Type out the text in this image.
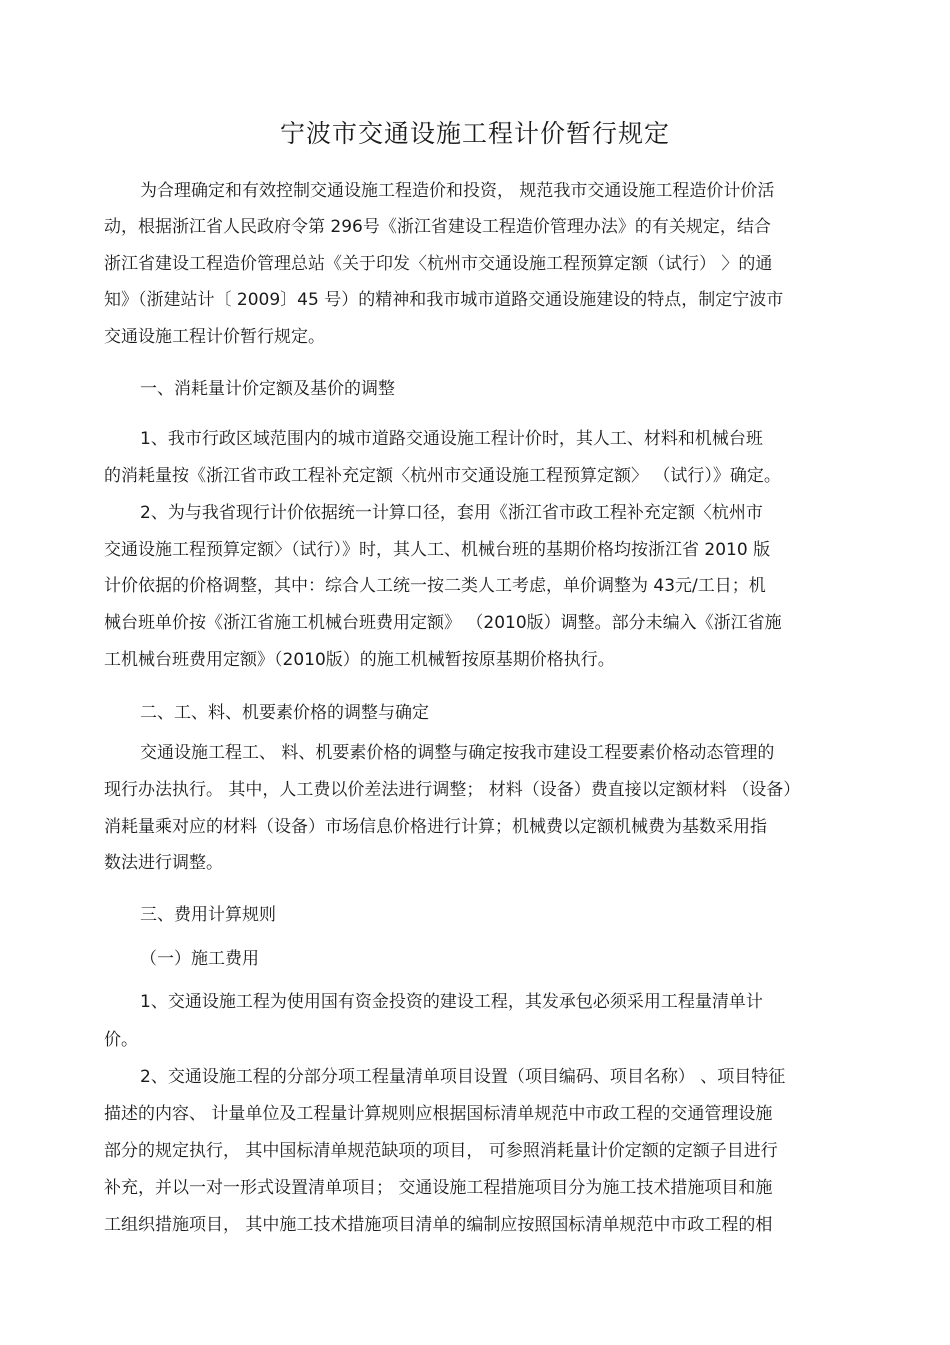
宁波市交通设施工程计价暂行规定
为合理确定和有效控制交通设施工程造价和投资， 规范我市交通设施工程造价计价活
动，根据浙江省人民政府令第 296号《浙江省建设工程造价管理办法》的有关规定，结合
浙江省建设工程造价管理总站《关于印发〈杭州市交通设施工程预算定额（试行） 〉的通
知》（浙建站计〔 2009〕45 号）的精神和我市城市道路交通设施建设的特点，制定宁波市
交通设施工程计价暂行规定。
一、消耗量计价定额及基价的调整
1、我市行政区域范围内的城市道路交通设施工程计价时，其人工、材料和机械台班
的消耗量按《浙江省市政工程补充定额〈杭州市交通设施工程预算定额〉 （试行）》确定。
2、为与我省现行计价依据统一计算口径，套用《浙江省市政工程补充定额〈杭州市
交通设施工程预算定额〉（试行）》时，其人工、机械台班的基期价格均按浙江省 2010 版
计价依据的价格调整，其中：综合人工统一按二类人工考虑，单价调整为 43元/工日；机
械台班单价按《浙江省施工机械台班费用定额》 （2010版）调整。部分未编入《浙江省施
工机械台班费用定额》（2010版）的施工机械暂按原基期价格执行。
二、工、料、机要素价格的调整与确定
交通设施工程工、 料、机要素价格的调整与确定按我市建设工程要素价格动态管理的
现行办法执行。 其中，人工费以价差法进行调整； 材料（设备）费直接以定额材料 （设备）
消耗量乘对应的材料（设备）市场信息价格进行计算；机械费以定额机械费为基数采用指
数法进行调整。
三、费用计算规则
（一）施工费用
1、交通设施工程为使用国有资金投资的建设工程，其发承包必须采用工程量清单计
价。
2、交通设施工程的分部分项工程量清单项目设置（项目编码、项目名称） 、项目特征
描述的内容、 计量单位及工程量计算规则应根据国标清单规范中市政工程的交通管理设施
部分的规定执行， 其中国标清单规范缺项的项目， 可参照消耗量计价定额的定额子目进行
补充，并以一对一形式设置清单项目； 交通设施工程措施项目分为施工技术措施项目和施
工组织措施项目， 其中施工技术措施项目清单的编制应按照国标清单规范中市政工程的相
